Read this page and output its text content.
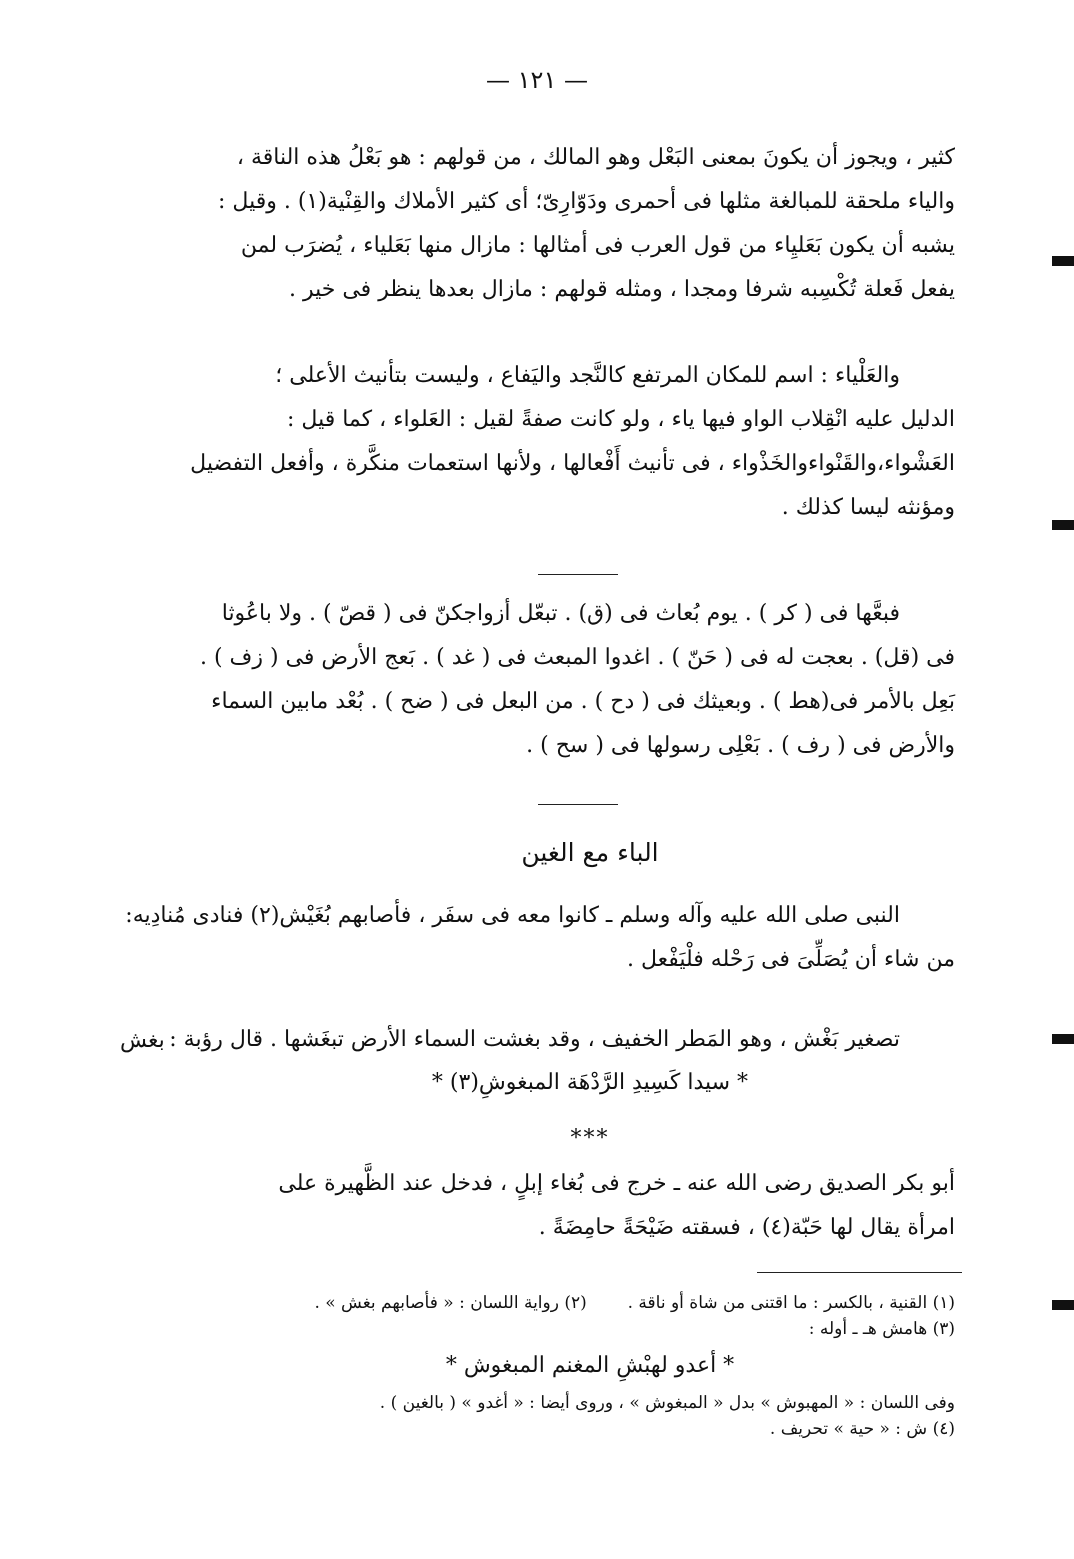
— ١٢١ —
كثير ، ويجوز أن يكونَ بمعنى البَعْل وهو المالك ، من قولهم : هو بَعْلُ هذه الناقة ،
والياء ملحقة للمبالغة مثلها فى أحمرى ودَوّارِىّ؛ أى كثير الأملاك والقِنْية(١) . وقيل :
يشبه أن يكون بَعَليِاء من قول العرب فى أمثالها : مازال منها بَعَلياء ، يُضرَب لمن
يفعل فَعلة تُكْسِبه شرفا ومجدا ، ومثله قولهم : مازال بعدها ينظر فى خير .
والعَلْياء : اسم للمكان المرتفع كالنَّجد واليَفاع ، وليست بتأنيث الأعلى ؛
الدليل عليه انْقِلاب الواو فيها ياء ، ولو كانت صفةً لقيل : العَلواء ، كما قيل :
العَشْواء،والقَنْواءوالخَذْواء ، فى تأنيث أَفْعالها ، ولأنها استعمات منكَّرة ، وأفعل التفضيل
ومؤنثه ليسا كذلك .
فبعَّها فى ( كر ) . يوم بُعاث فى (ق) . تبعّل أزواجكنّ فى ( قصّ ) . ولا باعُوثا
فى (قل) . بعجت له فى ( حَنّ ) . اغدوا المبعث فى ( غد ) . بَعج الأرض فى ( زف ) .
بَعِل بالأمر فى(هط ) . وبعيثك فى ( دح ) . من البعل فى ( ضح ) . بُعْد مابين السماء
والأرض فى ( رف ) . بَعْلِى رسولها فى ( سح ) .
الباء مع الغين
النبى صلى الله عليه وآله وسلم ـ كانوا معه فى سفَر ، فأصابهم بُغَيْش(٢) فنادى مُنادِيه:
من شاء أن يُصَلِّىَ فى رَحْله فلْيَفْعل .
بغش تصغير بَغْش ، وهو المَطر الخفيف ، وقد بغشت السماء الأرض تبغَشها . قال رؤبة :
* سيدا كَسِيدِ الرَّدْهَة المبغوشِ(٣) *
***
أبو بكر الصديق رضى الله عنه ـ خرج فى بُغاء إبلٍ ، فدخل عند الظَّهيرة على
امرأة يقال لها حَبّة(٤) ، فسقته ضَيْحَةً حامِضَةً .
(١) القنية ، بالكسر : ما اقتنى من شاة أو ناقة .  (٢) رواية اللسان : « فأصابهم بغش » .
(٣) هامش هـ ـ أوله :
* أعدو لهبْشِ المغنم المبغوش *
وفى اللسان : « المهبوش » بدل « المبغوش » ، وروى أيضا : « أغدو » ( بالغين ) .
(٤) ش : « حية » تحريف .
